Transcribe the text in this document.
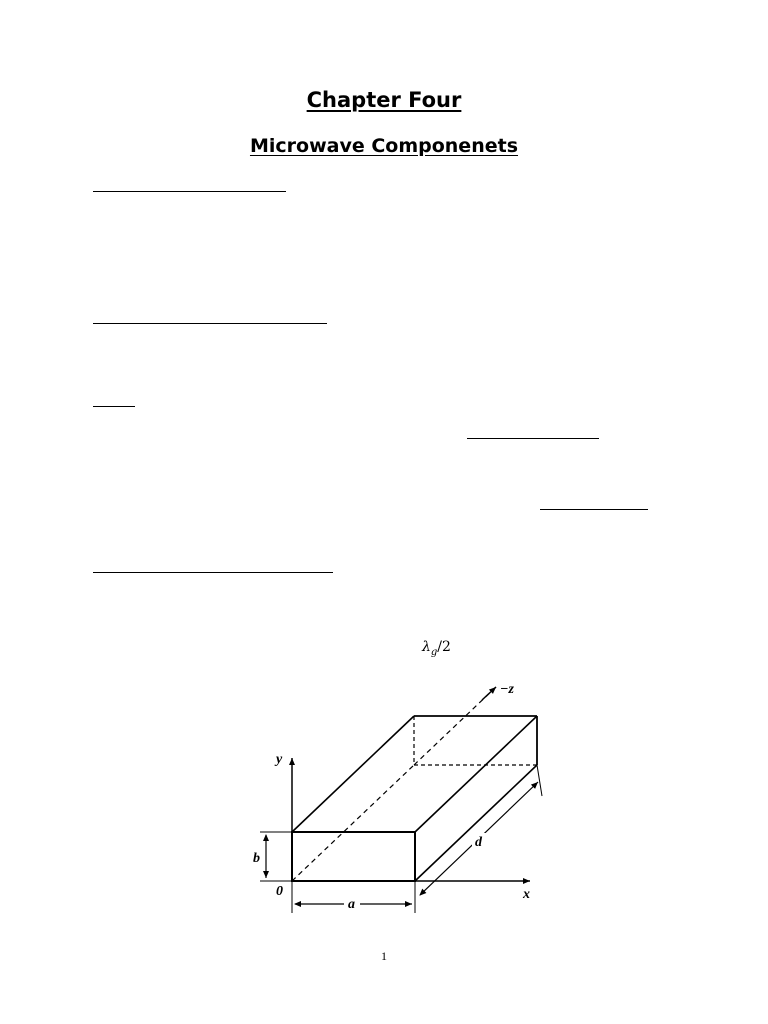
Chapter Four
Microwave Componenets
$\lambda_g/2$
y
x
0
−z
b
a
d
1
